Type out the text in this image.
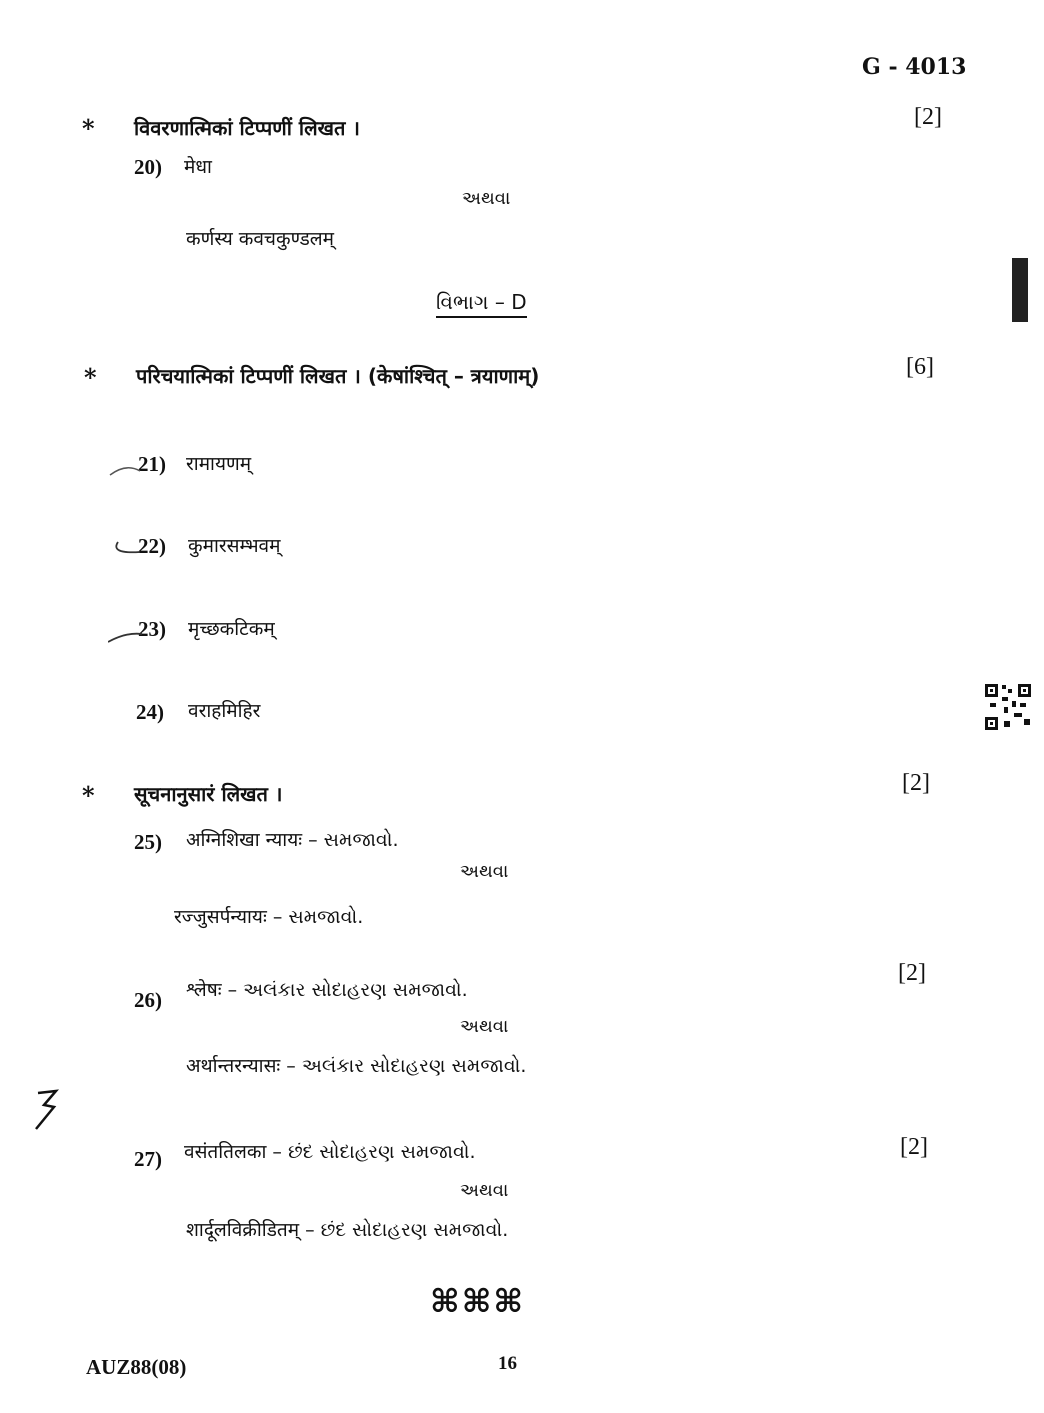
G - 4013
* विवरणात्मिकां टिप्पणीं लिखत ।	[2]
20) मेधा
અથવા
कर्णस्य कवचकुण्डलम्
વિભાગ – D
* परिचयात्मिकां टिप्पणीं लिखत । (केषांश्चित् – त्रयाणाम्)	[6]
21) रामायणम्
22) कुमारसम्भवम्
23) मृच्छकटिकम्
24) वराहमिहिर
* सूचनानुसारं लिखत ।	[2]
25) अग्निशिखा न्यायः – સમજાવો.
અથવા
रज्जुसर्पन्यायः – સમજાવો.
[2]
26) श्लेषः – અલંકાર સોદાહરણ સમજાવો.
અથવા
अर्थान्तरन्यासः – અલંકાર સોદાહરણ સમજાવો.
[2]
27) वसंततिलका – છંદ સોદાહરણ સમજાવો.
અથવા
शार्दूलविक्रीडितम् – છંદ સોદાહરણ સમજાવો.
⌘⌘⌘
AUZ88(08)	16
